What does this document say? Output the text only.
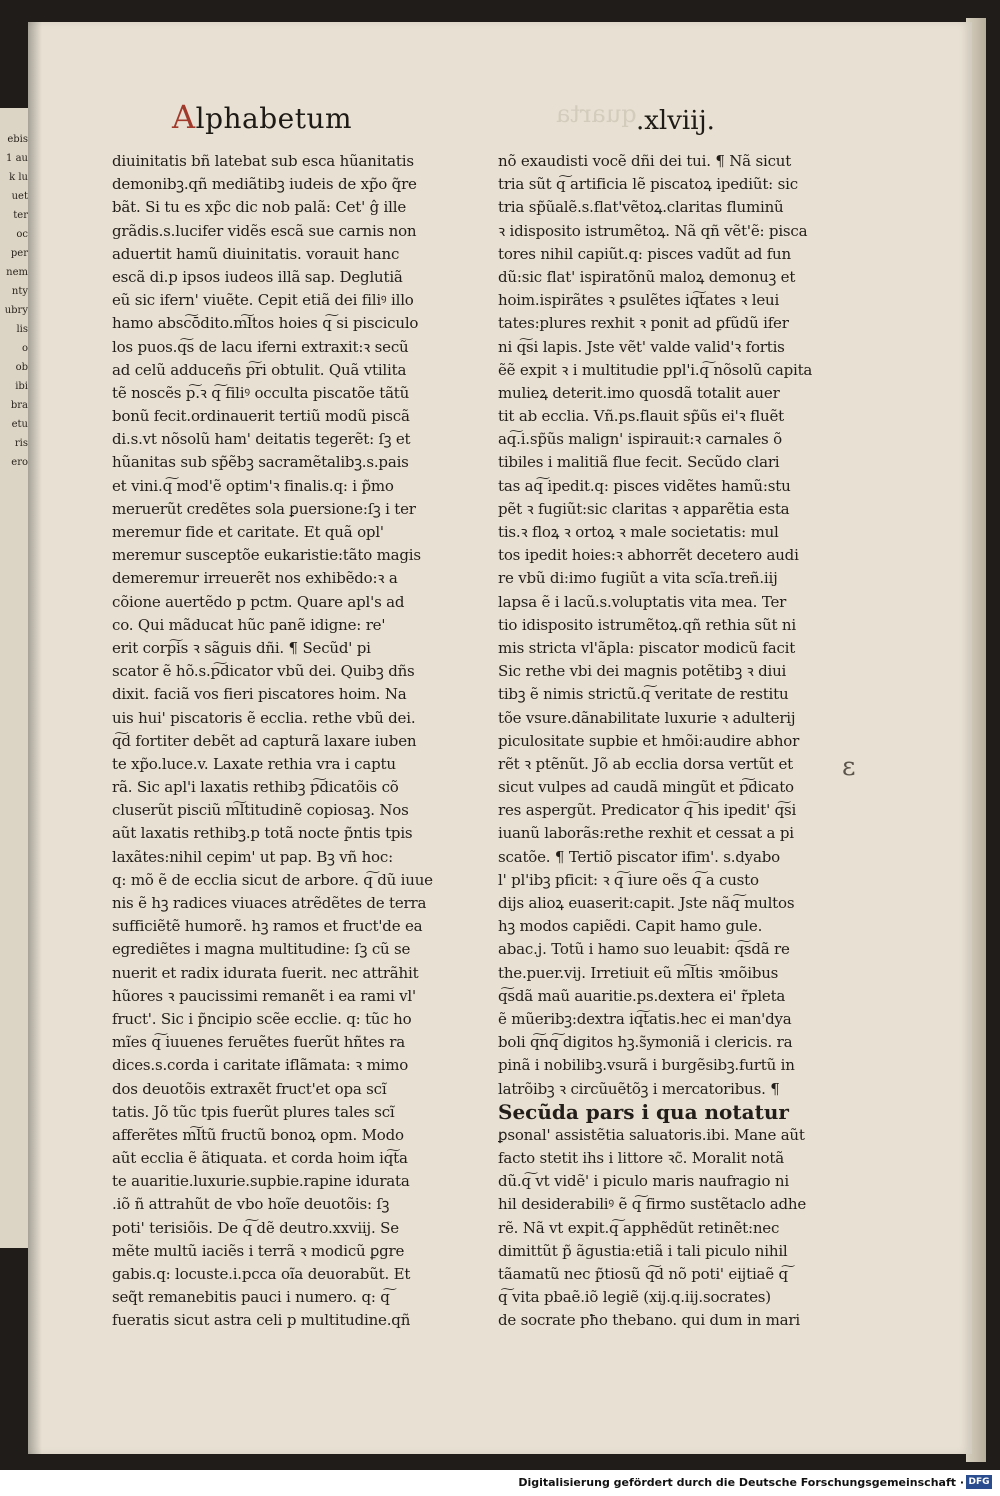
ebis
1 au
k lu
uet
ter
oc
per
nem
nty
ubry
lis
o
ob
ibi
bra
etu
ris
ero
Alphabetum	quarta .xlviij.
diuinitatis bñ latebat sub esca hũanitatis
demonibꝫ.qñ mediãtibꝫ iudeis de xp̃o q̃re
bãt. Si tu es xp̃c dic nob palã: Cet' ĝ ille
grãdis.s.lucifer vidẽs escã sue carnis non
aduertit hamũ diuinitatis. vorauit hanc
escã di.p ipsos iudeos illã sap. Deglutiã
eũ sic ifern' viuẽte. Cepit etiã dei filiꝰ illo
hamo absc͠ōdito.m͠ltos hoies q͠ si pisciculo
los puos.q͠s de lacu iferni extraxit:ꝛ secũ
ad celũ adduceñs p͠ri obtulit. Quã vtilita
tẽ noscẽs p͠.ꝛ q͠ filiꝰ occulta piscatõe tãtũ
bonũ fecit.ordinauerit tertiũ modũ piscã
di.s.vt nõsolũ ham' deitatis tegerẽt: ſꝫ et
hũanitas sub sp̃ẽbꝫ sacramẽtalibꝫ.s.pais
et vini.q͠ mod'ẽ optim'ꝛ finalis.q: i p̃mo
meruerũt credẽtes sola ꝑuersione:ſꝫ i ter
meremur fide et caritate. Et quã opl'
meremur susceptõe eukaristie:tãto magis
demeremur irreuerẽt nos exhibẽdo:ꝛ a
cõione auertẽdo p pctm. Quare apl's ad
co. Qui mãducat hũc panẽ idigne: re'
erit corp͠is ꝛ sãguis dñi. ¶ Secũd' pi
scator ẽ hõ.s.p͠dicator vbũ dei. Quibꝫ dñs
dixit. faciã vos fieri piscatores hoim. Na
uis hui' piscatoris ẽ ecclia. rethe vbũ dei.
q͠d fortiter debẽt ad capturã laxare iuben
te xp̃o.luce.v. Laxate rethia vra i captu
rã. Sic apl'i laxatis rethibꝫ p͠dicatõis cõ
cluserũt pisciũ m͠ltitudinẽ copiosaꝫ. Nos
aũt laxatis rethibꝫ.p totã nocte p̃ntis tpis
laxãtes:nihil cepim' ut pap. Bꝫ vñ hoc:
q: mõ ẽ de ecclia sicut de arbore. q͠ dũ iuue
nis ẽ hꝫ radices viuaces atrẽdẽtes de terra
sufficiẽtẽ humorẽ. hꝫ ramos et fruct'de ea
egrediẽtes i magna multitudine: ſꝫ cũ se
nuerit et radix idurata fuerit. nec attrãhit
hũores ꝛ paucissimi remanẽt i ea rami vl'
fruct'. Sic i p̃ncipio scẽe ecclie. q: tũc ho
mĩes q͠ iuuenes feruẽtes fuerũt hñtes ra
dices.s.corda i caritate iflãmata: ꝛ mimo
dos deuotõis extraxẽt fruct'et opa scĩ
tatis. Jõ tũc tpis fuerũt plures tales scĩ
afferẽtes m͠ltũ fructũ bonoꝝ opm. Modo
aũt ecclia ẽ ãtiquata. et corda hoim iq͠ta
te auaritie.luxurie.supbie.rapine idurata
.iõ ñ attrahũt de vbo hoĩe deuotõis: ſꝫ
poti' terisiõis. De q͠ dẽ deutro.xxviij. Se
mẽte multũ iaciẽs i terrã ꝛ modicũ ꝑgre
gabis.q: locuste.i.pcca oĩa deuorabũt. Et
seq̃t remanebitis pauci i numero. q: q͠
fueratis sicut astra celi p multitudine.qñ
nõ exaudisti vocẽ dñi dei tui. ¶ Nã sicut
tria sũt q͠ artificia lẽ piscatoꝝ ipediũt: sic
tria sp̃ũalẽ.s.flat'vẽtoꝝ.claritas fluminũ
ꝛ idisposito istrumẽtoꝝ. Nã qñ vẽt'ẽ: pisca
tores nihil capiũt.q: pisces vadũt ad fun
dũ:sic flat' ispiratõnũ maloꝝ demonuꝫ et
hoim.ispirãtes ꝛ ꝑsulẽtes iq͠tates ꝛ leui
tates:plures rexhit ꝛ ponit ad ꝑfũdũ ifer
ni q͠si lapis. Jste vẽt' valde valid'ꝛ fortis
ẽẽ expit ꝛ i multitudie ppl'i.q͠ nõsolũ capita
mulieꝝ deterit.imo quosdã totalit auer
tit ab ecclia. Vñ.ps.flauit sp̃ũs ei'ꝛ fluẽt
aq͠.i.sp̃ũs malign' ispirauit:ꝛ carnales õ
tibiles i malitiã flue fecit. Secũdo clari
tas aq͠ ipedit.q: pisces vidẽtes hamũ:stu
pẽt ꝛ fugiũt:sic claritas ꝛ apparẽtia esta
tis.ꝛ floꝝ ꝛ ortoꝝ ꝛ male societatis: mul
tos ipedit hoies:ꝛ abhorrẽt decetero audi
re vbũ di:imo fugiũt a vita scĩa.treñ.iij
lapsa ẽ i lacũ.s.voluptatis vita mea. Ter
tio idisposito istrumẽtoꝝ.qñ rethia sũt ni
mis stricta vl'ãpla: piscator modicũ facit
Sic rethe vbi dei magnis potẽtibꝫ ꝛ diui
tibꝫ ẽ nimis strictũ.q͠ veritate de restitu
tõe vsure.dãnabilitate luxurie ꝛ adulterij
piculositate supbie et hmõi:audire abhor
rẽt ꝛ ptẽnũt. Jõ ab ecclia dorsa vertũt et
sicut vulpes ad caudã mingũt et p͠dicato
res aspergũt. Predicator q͠ his ipedit' q͠si
iuanũ laborãs:rethe rexhit et cessat a pi
scatõe. ¶ Tertiõ piscator ifim'. s.dyabo
l' pl'ibꝫ pficit: ꝛ q͠ iure oẽs q͠ a custo
dijs alioꝝ euaserit:capit. Jste nãq͠ multos
hꝫ modos capiẽdi. Capit hamo gule.
abac.j. Totũ i hamo suo leuabit: q͠sdã re
the.puer.vij. Irretiuit eũ m͠ltis ꝛmõibus
q͠sdã maũ auaritie.ps.dextera ei' r̃pleta
ẽ mũeribꝫ:dextra iq͠tatis.hec ei man'dya
boli q͠nq͠ digitos hꝫ.s̃ymoniã i clericis. ra
pinã i nobilibꝫ.vsurã i burgẽsibꝫ.furtũ in
latrõibꝫ ꝛ circũuẽtõꝫ i mercatoribus. ¶
Secũda pars i qua notatur
ꝑsonal' assistẽtia saluatoris.ibi. Mane aũt
facto stetit ihs i littore ꝛc̃. Moralit notã
dũ.q͠ vt vidẽ' i piculo maris naufragio ni
hil desiderabiliꝰ ẽ q͠ firmo sustẽtaclo adhe
rẽ. Nã vt expit.q͠ apphẽdũt retinẽt:nec
dimittũt p̃ ãgustia:etiã i tali piculo nihil
tãamatũ nec p̃tiosũ q͠d nõ poti' eijtiaẽ q͠
q͠ vita pbaẽ.iõ legiẽ (xij.q.iij.socrates)
de socrate pħo thebano. qui dum in mari
ɛ
Digitalisierung gefördert durch die Deutsche Forschungsgemeinschaft · DFG
